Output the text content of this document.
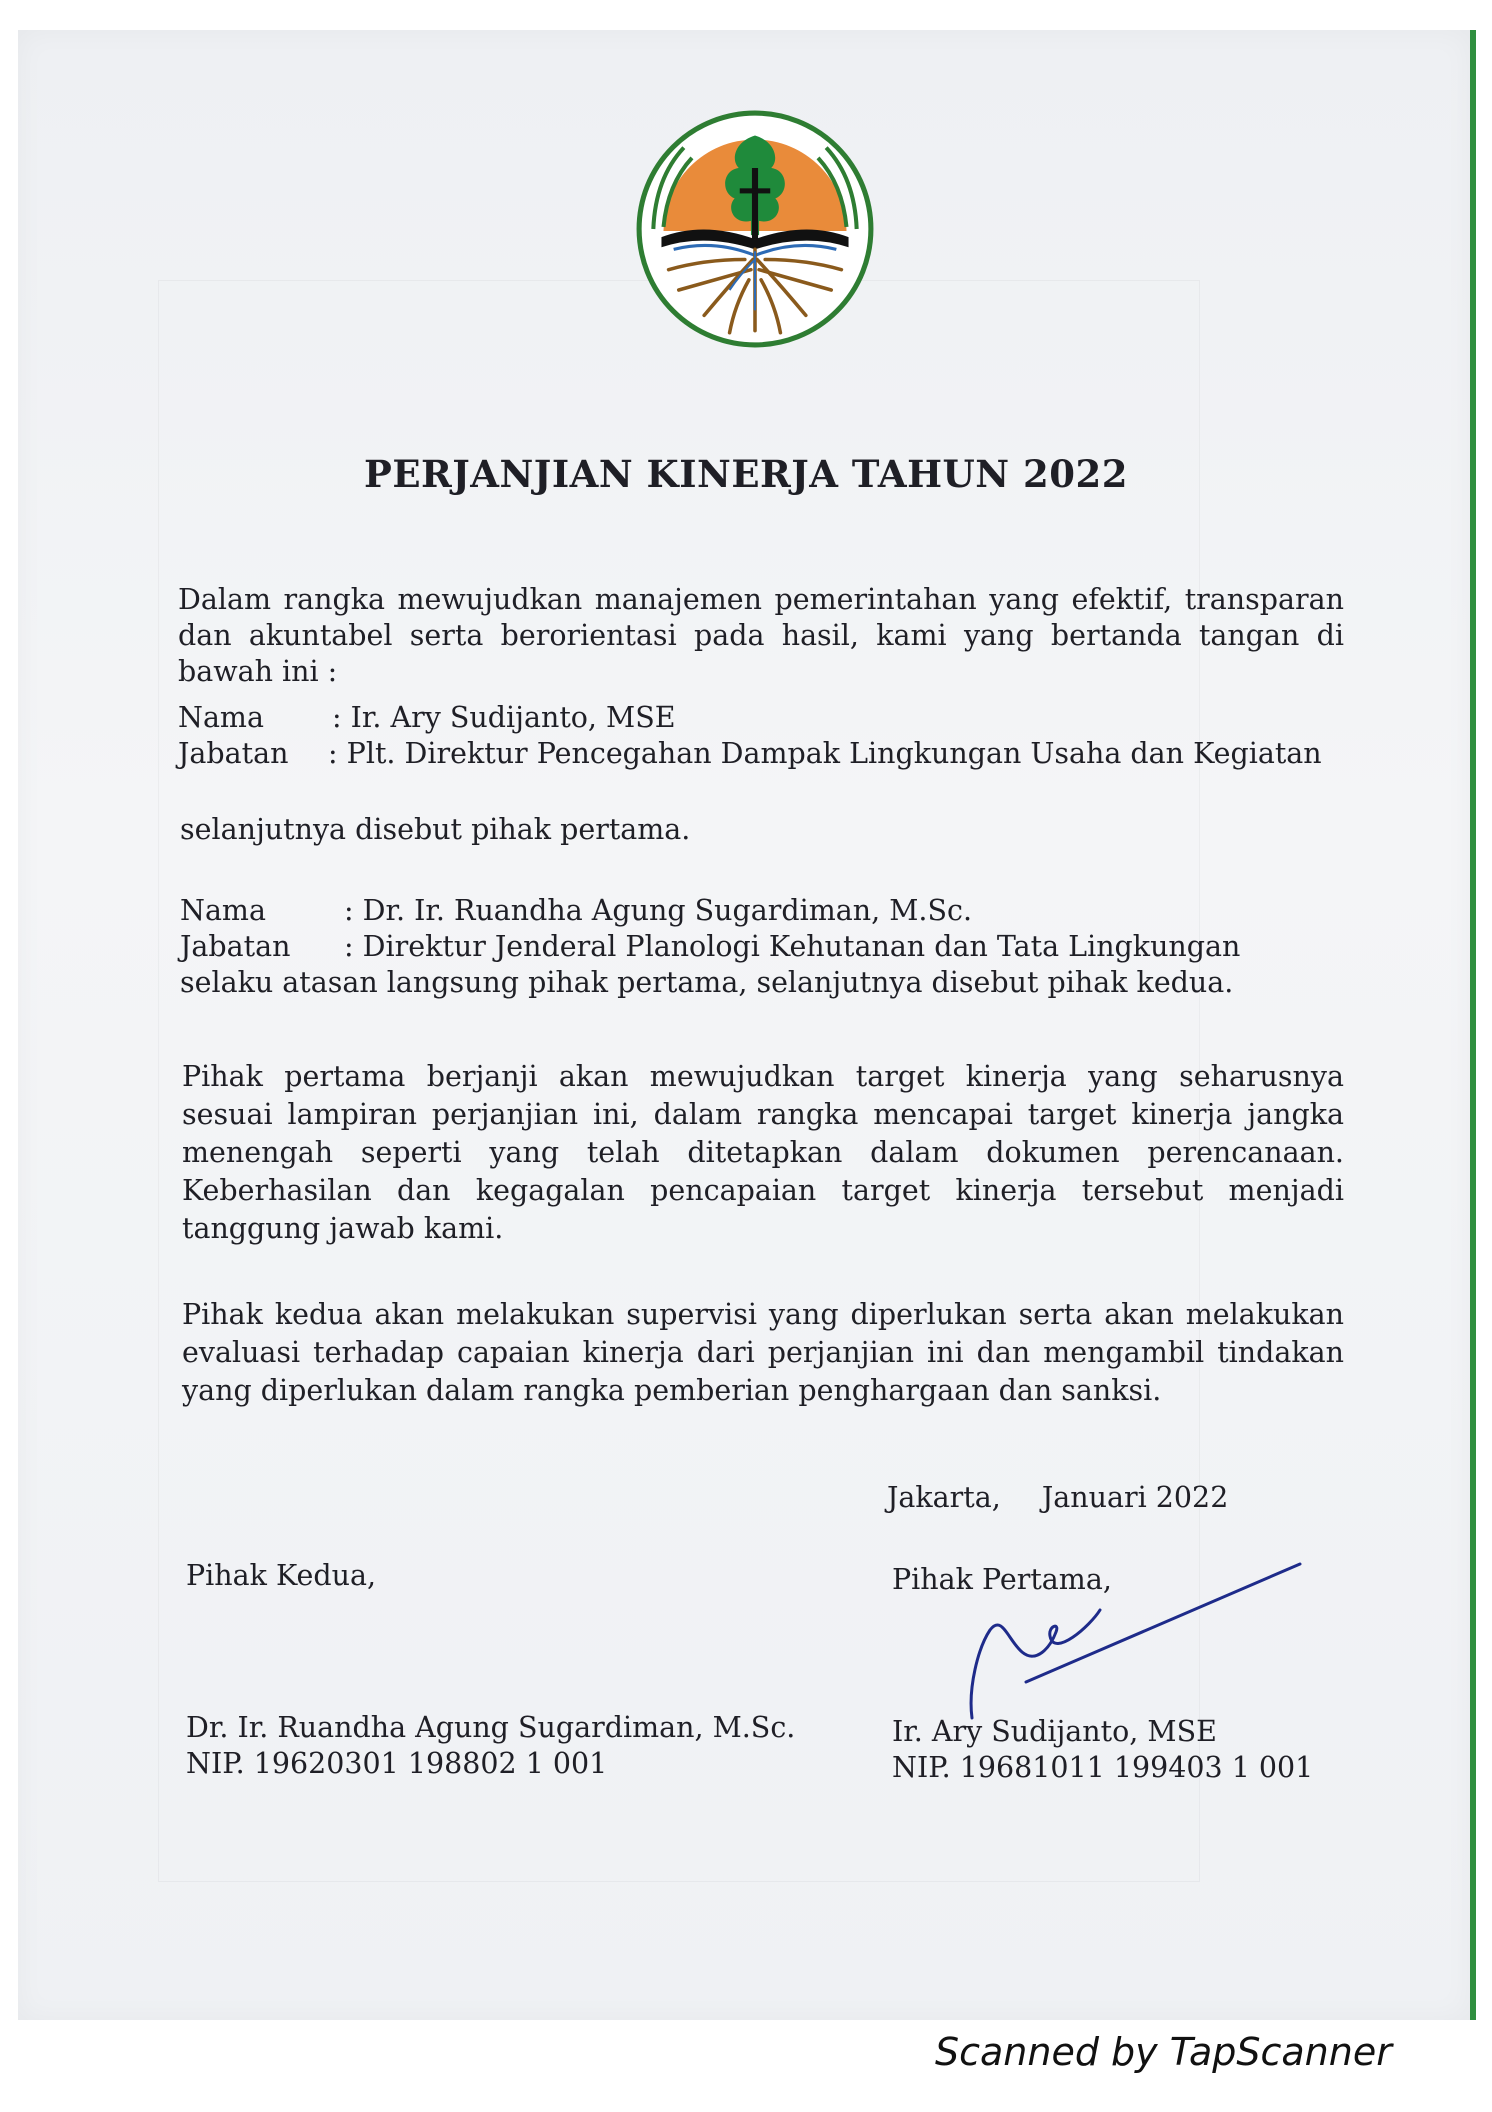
PERJANJIAN KINERJA TAHUN 2022

Dalam rangka mewujudkan manajemen pemerintahan yang efektif, transparan dan akuntabel serta berorientasi pada hasil, kami yang bertanda tangan di bawah ini :

Nama	: Ir. Ary Sudijanto, MSE
Jabatan	: Plt. Direktur Pencegahan Dampak Lingkungan Usaha dan Kegiatan

selanjutnya disebut pihak pertama.

Nama	: Dr. Ir. Ruandha Agung Sugardiman, M.Sc.
Jabatan	: Direktur Jenderal Planologi Kehutanan dan Tata Lingkungan
selaku atasan langsung pihak pertama, selanjutnya disebut pihak kedua.

Pihak pertama berjanji akan mewujudkan target kinerja yang seharusnya sesuai lampiran perjanjian ini, dalam rangka mencapai target kinerja jangka menengah seperti yang telah ditetapkan dalam dokumen perencanaan. Keberhasilan dan kegagalan pencapaian target kinerja tersebut menjadi tanggung jawab kami.

Pihak kedua akan melakukan supervisi yang diperlukan serta akan melakukan evaluasi terhadap capaian kinerja dari perjanjian ini dan mengambil tindakan yang diperlukan dalam rangka pemberian penghargaan dan sanksi.

Jakarta, Januari 2022
Pihak Kedua,	Pihak Pertama,
Dr. Ir. Ruandha Agung Sugardiman, M.Sc.
NIP. 19620301 198802 1 001
Ir. Ary Sudijanto, MSE
NIP. 19681011 199403 1 001
Scanned by TapScanner
